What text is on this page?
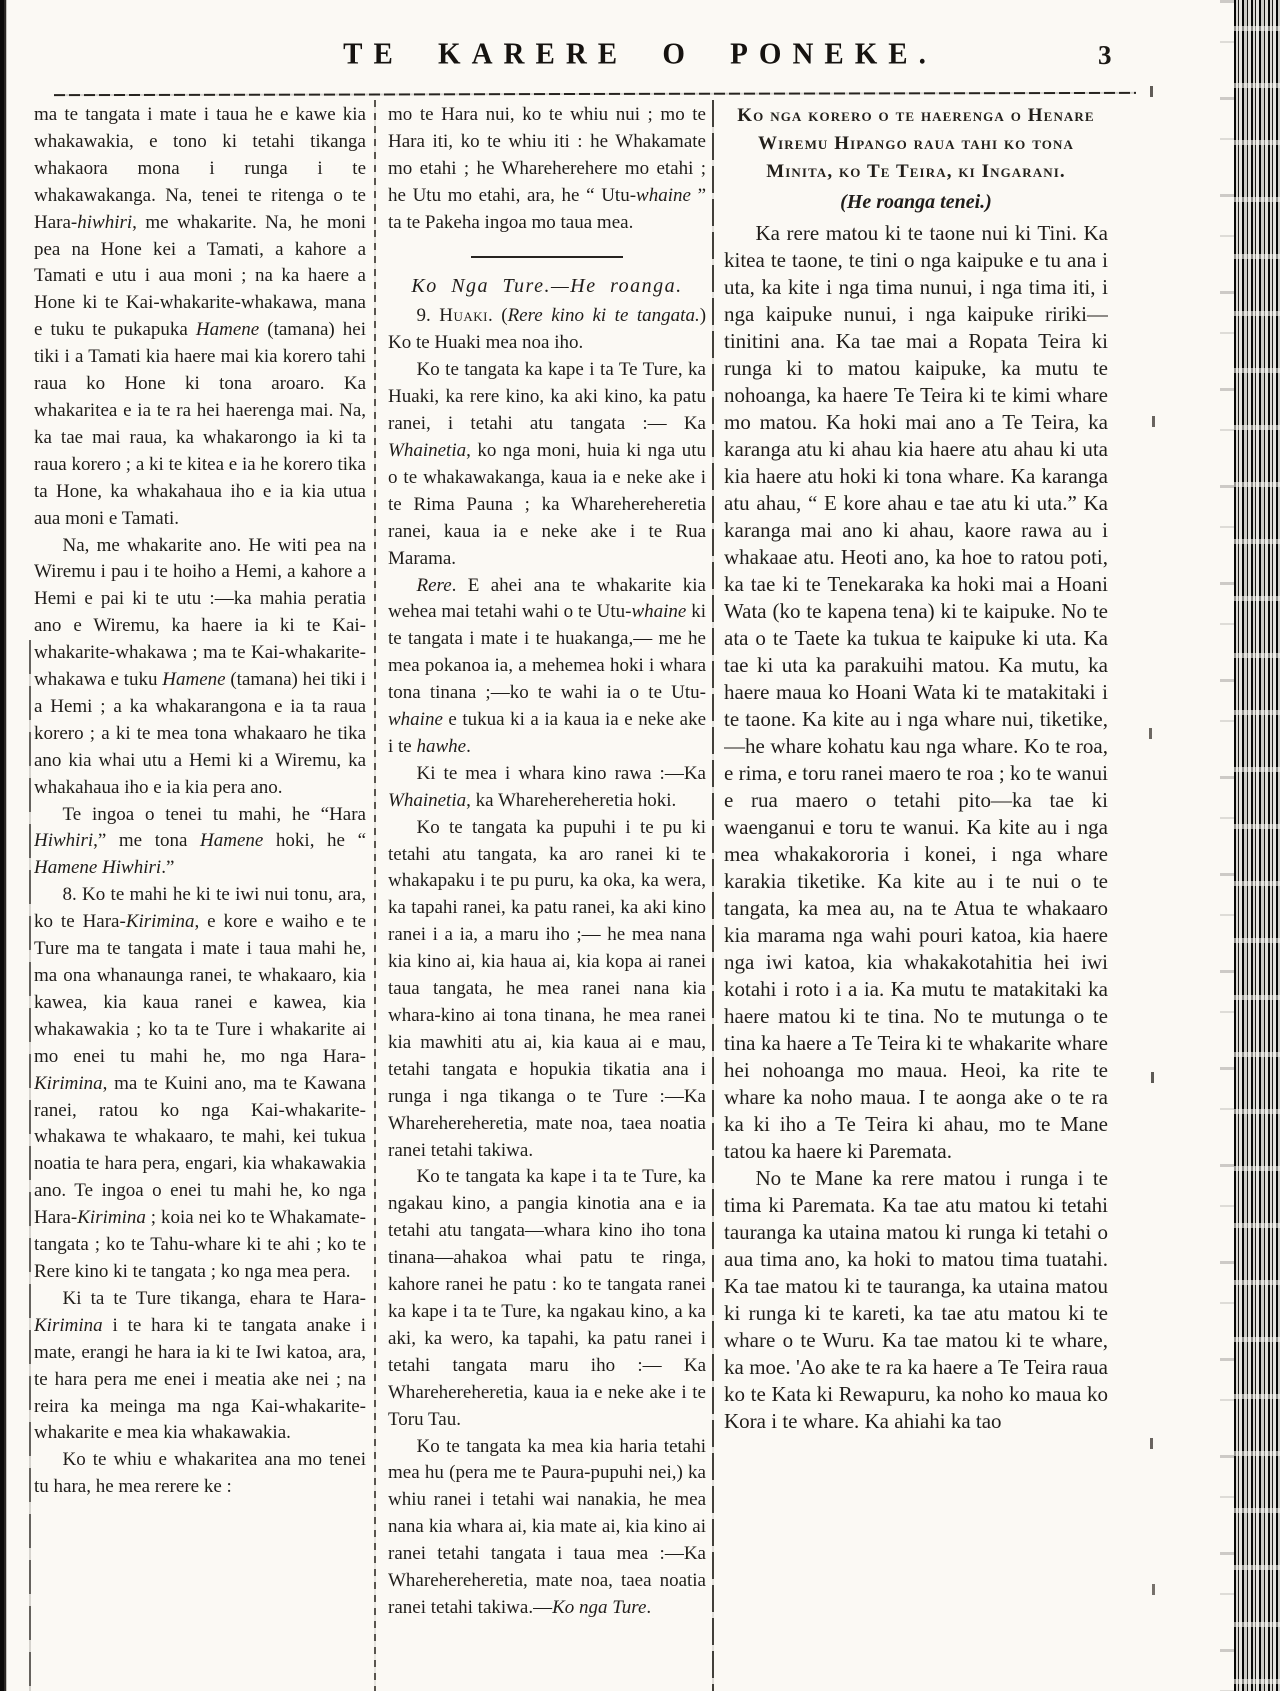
TE KARERE O PONEKE.	3

ma te tangata i mate i taua he e kawe kia whakawakia, e tono ki tetahi tikanga whakaora mona i runga i te whakawakanga. Na, tenei te ritenga o te Hara-hiwhiri, me whakarite. Na, he moni pea na Hone kei a Tamati, a kahore a Tamati e utu i aua moni ; na ka haere a Hone ki te Kai-whakarite-whakawa, mana e tuku te pukapuka Hamene (tamana) hei tiki i a Tamati kia haere mai kia korero tahi raua ko Hone ki tona aroaro. Ka whakaritea e ia te ra hei haerenga mai. Na, ka tae mai raua, ka whakarongo ia ki ta raua korero ; a ki te kitea e ia he korero tika ta Hone, ka whakahaua iho e ia kia utua aua moni e Tamati.

Na, me whakarite ano. He witi pea na Wiremu i pau i te hoiho a Hemi, a kahore a Hemi e pai ki te utu :—ka mahia peratia ano e Wiremu, ka haere ia ki te Kai-whakarite-whakawa ; ma te Kai-whakarite-whakawa e tuku Hamene (tamana) hei tiki i a Hemi ; a ka whakarangona e ia ta raua korero ; a ki te mea tona whakaaro he tika ano kia whai utu a Hemi ki a Wiremu, ka whakahaua iho e ia kia pera ano.

Te ingoa o tenei tu mahi, he “Hara Hiwhiri,” me tona Hamene hoki, he “ Hamene Hiwhiri.”

8. Ko te mahi he ki te iwi nui tonu, ara, ko te Hara-Kirimina, e kore e waiho e te Ture ma te tangata i mate i taua mahi he, ma ona whanaunga ranei, te whakaaro, kia kawea, kia kaua ranei e kawea, kia whakawakia ; ko ta te Ture i whakarite ai mo enei tu mahi he, mo nga Hara-Kirimina, ma te Kuini ano, ma te Kawana ranei, ratou ko nga Kai-whakarite-whakawa te whakaaro, te mahi, kei tukua noatia te hara pera, engari, kia whakawakia ano. Te ingoa o enei tu mahi he, ko nga Hara-Kirimina ; koia nei ko te Whakamate-tangata ; ko te Tahu-whare ki te ahi ; ko te Rere kino ki te tangata ; ko nga mea pera.

Ki ta te Ture tikanga, ehara te Hara-Kirimina i te hara ki te tangata anake i mate, erangi he hara ia ki te Iwi katoa, ara, te hara pera me enei i meatia ake nei ; na reira ka meinga ma nga Kai-whakarite-whakarite e mea kia whakawakia.

Ko te whiu e whakaritea ana mo tenei tu hara, he mea rerere ke :

mo te Hara nui, ko te whiu nui ; mo te Hara iti, ko te whiu iti : he Whakamate mo etahi ; he Whareherehere mo etahi ; he Utu mo etahi, ara, he “ Utu-whaine ” ta te Pakeha ingoa mo taua mea.

Ko Nga Ture.—He roanga.

9. Huaki. (Rere kino ki te tangata.) Ko te Huaki mea noa iho.

Ko te tangata ka kape i ta Te Ture, ka Huaki, ka rere kino, ka aki kino, ka patu ranei, i tetahi atu tangata :— Ka Whainetia, ko nga moni, huia ki nga utu o te whakawakanga, kaua ia e neke ake i te Rima Pauna ; ka Wharehereheretia ranei, kaua ia e neke ake i te Rua Marama.

Rere. E ahei ana te whakarite kia wehea mai tetahi wahi o te Utu-whaine ki te tangata i mate i te huakanga,— me he mea pokanoa ia, a mehemea hoki i whara tona tinana ;—ko te wahi ia o te Utu-whaine e tukua ki a ia kaua ia e neke ake i te hawhe.

Ki te mea i whara kino rawa :—Ka Whainetia, ka Wharehereheretia hoki.

Ko te tangata ka pupuhi i te pu ki tetahi atu tangata, ka aro ranei ki te whakapaku i te pu puru, ka oka, ka wera, ka tapahi ranei, ka patu ranei, ka aki kino ranei i a ia, a maru iho ;— he mea nana kia kino ai, kia haua ai, kia kopa ai ranei taua tangata, he mea ranei nana kia whara-kino ai tona tinana, he mea ranei kia mawhiti atu ai, kia kaua ai e mau, tetahi tangata e hopukia tikatia ana i runga i nga tikanga o te Ture :—Ka Wharehereheretia, mate noa, taea noatia ranei tetahi takiwa.

Ko te tangata ka kape i ta te Ture, ka ngakau kino, a pangia kinotia ana e ia tetahi atu tangata—whara kino iho tona tinana—ahakoa whai patu te ringa, kahore ranei he patu : ko te tangata ranei ka kape i ta te Ture, ka ngakau kino, a ka aki, ka wero, ka tapahi, ka patu ranei i tetahi tangata maru iho :— Ka Wharehereheretia, kaua ia e neke ake i te Toru Tau.

Ko te tangata ka mea kia haria tetahi mea hu (pera me te Paura-pupuhi nei,) ka whiu ranei i tetahi wai nanakia, he mea nana kia whara ai, kia mate ai, kia kino ai ranei tetahi tangata i taua mea :—Ka Wharehereheretia, mate noa, taea noatia ranei tetahi takiwa.—Ko nga Ture.

Ko nga korero o te haerenga o Henare
Wiremu Hipango raua tahi ko tona
Minita, ko Te Teira, ki Ingarani.
(He roanga tenei.)

Ka rere matou ki te taone nui ki Tini. Ka kitea te taone, te tini o nga kaipuke e tu ana i uta, ka kite i nga tima nunui, i nga tima iti, i nga kaipuke nunui, i nga kaipuke ririki— tinitini ana. Ka tae mai a Ropata Teira ki runga ki to matou kaipuke, ka mutu te nohoanga, ka haere Te Teira ki te kimi whare mo matou. Ka hoki mai ano a Te Teira, ka karanga atu ki ahau kia haere atu ahau ki uta kia haere atu hoki ki tona whare. Ka karanga atu ahau, “ E kore ahau e tae atu ki uta.” Ka karanga mai ano ki ahau, kaore rawa au i whakaae atu. Heoti ano, ka hoe to ratou poti, ka tae ki te Tenekaraka ka hoki mai a Hoani Wata (ko te kapena tena) ki te kaipuke. No te ata o te Taete ka tukua te kaipuke ki uta. Ka tae ki uta ka parakuihi matou. Ka mutu, ka haere maua ko Hoani Wata ki te matakitaki i te taone. Ka kite au i nga whare nui, tiketike,—he whare kohatu kau nga whare. Ko te roa, e rima, e toru ranei maero te roa ; ko te wanui e rua maero o tetahi pito—ka tae ki waenganui e toru te wanui. Ka kite au i nga mea whakakororia i konei, i nga whare karakia tiketike. Ka kite au i te nui o te tangata, ka mea au, na te Atua te whakaaro kia marama nga wahi pouri katoa, kia haere nga iwi katoa, kia whakakotahitia hei iwi kotahi i roto i a ia. Ka mutu te matakitaki ka haere matou ki te tina. No te mutunga o te tina ka haere a Te Teira ki te whakarite whare hei nohoanga mo maua. Heoi, ka rite te whare ka noho maua. I te aonga ake o te ra ka ki iho a Te Teira ki ahau, mo te Mane tatou ka haere ki Paremata.

No te Mane ka rere matou i runga i te tima ki Paremata. Ka tae atu matou ki tetahi tauranga ka utaina matou ki runga ki tetahi o aua tima ano, ka hoki to matou tima tuatahi. Ka tae matou ki te tauranga, ka utaina matou ki runga ki te kareti, ka tae atu matou ki te whare o te Wuru. Ka tae matou ki te whare, ka moe. 'Ao ake te ra ka haere a Te Teira raua ko te Kata ki Rewapuru, ka noho ko maua ko Kora i te whare. Ka ahiahi ka tao
